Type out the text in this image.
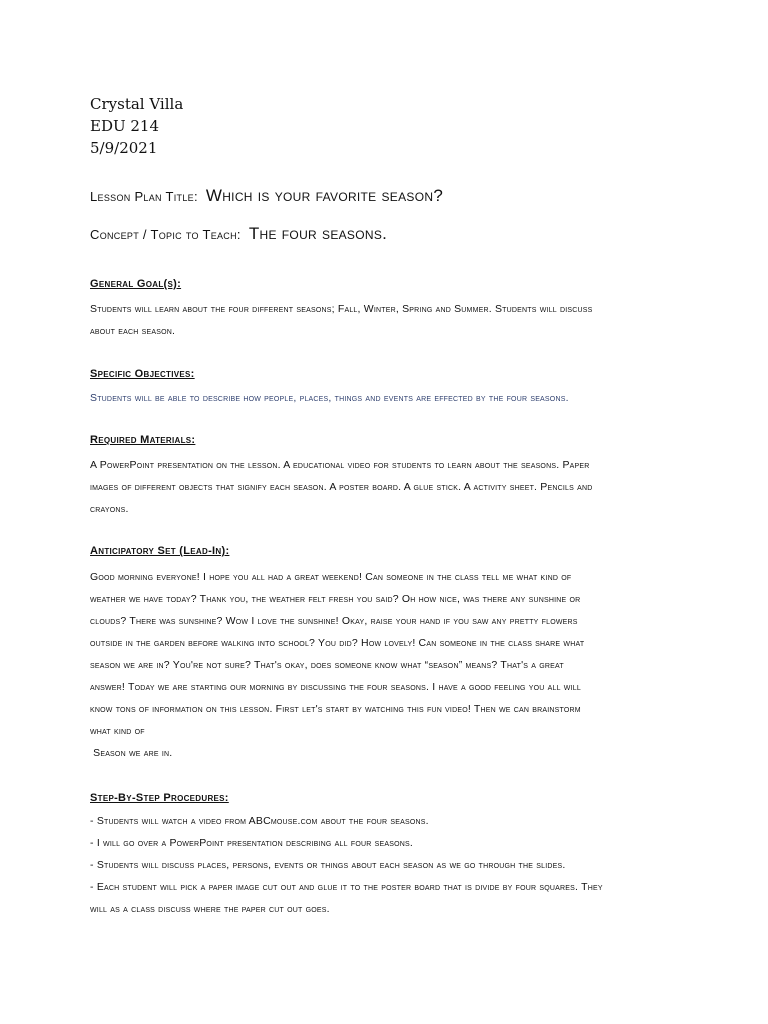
Crystal Villa
EDU 214
5/9/2021
Lesson Plan Title: Which is your favorite season?
Concept / Topic to Teach: The four seasons.
General Goal(s):
Students will learn about the four different seasons; Fall, Winter, Spring and Summer. Students will discuss
about each season.
Specific Objectives:
Students will be able to describe how people, places, things and events are effected by the four seasons.
Required Materials:
A PowerPoint presentation on the lesson. A educational video for students to learn about the seasons. Paper
images of different objects that signify each season. A poster board. A glue stick. A activity sheet. Pencils and
crayons.
Anticipatory Set (Lead-In):
Good morning everyone! I hope you all had a great weekend! Can someone in the class tell me what kind of
weather we have today? Thank you, the weather felt fresh you said? Oh how nice, was there any sunshine or
clouds? There was sunshine? Wow I love the sunshine! Okay, raise your hand if you saw any pretty flowers
outside in the garden before walking into school? You did? How lovely! Can someone in the class share what
season we are in? You're not sure? That's okay, does someone know what “season” means? That's a great
answer! Today we are starting our morning by discussing the four seasons. I have a good feeling you all will
know tons of information on this lesson. First let's start by watching this fun video! Then we can brainstorm
what kind of
Season we are in.
Step-By-Step Procedures:
- Students will watch a video from ABCmouse.com about the four seasons.
- I will go over a PowerPoint presentation describing all four seasons.
- Students will discuss places, persons, events or things about each season as we go through the slides.
- Each student will pick a paper image cut out and glue it to the poster board that is divide by four squares. They
will as a class discuss where the paper cut out goes.
